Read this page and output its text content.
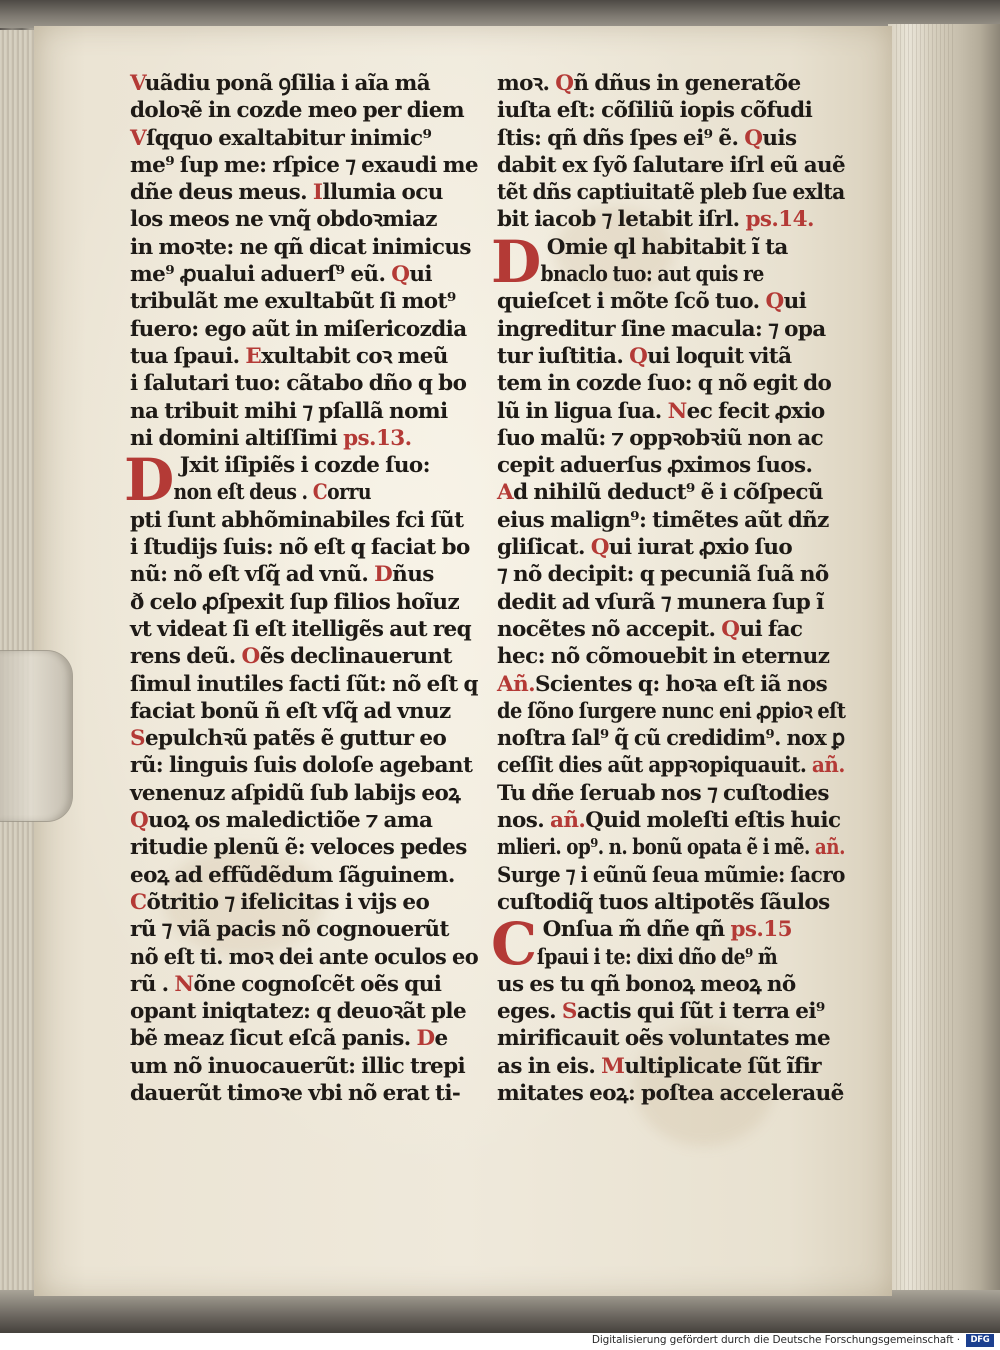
Vuãdiu ponã ꝯſilia i aĩa mã
doloꝛẽ in cozde meo per diem
Vſqquo exaltabitur inimic⁹
me⁹ ſup me: rſpice ⁊ exaudi me
dñe deus meus. Illumia ocu
los meos ne vnq̃ obdoꝛmiaz
in moꝛte: ne qñ dicat inimicus
me⁹ ꝓualui aduerſ⁹ eũ. Qui
tribulãt me exultabũt ſi mot⁹
fuero: ego aũt in miſericozdia
tua ſpaui. Exultabit coꝛ meũ
i ſalutari tuo: cãtabo dño q bo
na tribuit mihi ⁊ pſallã nomi
ni domini altiſſimi ps.13.
D Jxit iſipiẽs i cozde ſuo:
non eſt deus . Corru
pti ſunt abhõminabiles fci ſũt
i ſtudijs ſuis: nõ eſt q faciat bo
nũ: nõ eſt vſq̃ ad vnũ. Dñus
ð celo ꝓſpexit ſup filios hoĩuz
vt videat ſi eſt itelligẽs aut req
rens deũ. Oẽs declinauerunt
ſimul inutiles facti ſũt: nõ eſt q
faciat bonũ ñ eſt vſq̃ ad vnuz
Sepulchꝛũ patẽs ẽ guttur eo
rũ: linguis ſuis doloſe agebant
venenuz aſpidũ ſub labijs eoꝝ
Quoꝝ os maledictiõe ⁊ ama
ritudie plenũ ẽ: veloces pedes
eoꝝ ad effũdẽdum ſãguinem.
Cõtritio ⁊ ifelicitas i vijs eo
rũ ⁊ viã pacis nõ cognouerũt
nõ eſt ti. moꝛ dei ante oculos eo
rũ . Nõne cognoſcẽt oẽs qui
opant iniqtatez: q deuoꝛãt ple
bẽ meaz ſicut eſcã panis. De
um nõ inuocauerũt: illic trepi
dauerũt timoꝛe vbi nõ erat ti-
moꝛ. Qñ dñus in generatõe
iuſta eſt: cõſiliũ iopis cõfudi
ſtis: qñ dñs ſpes ei⁹ ẽ. Quis
dabit ex ſyõ ſalutare iſrl eũ auẽ
tẽt dñs captiuitatẽ pleb ſue exlta
bit iacob ⁊ letabit iſrl. ps.14.
D Omie ql habitabit ĩ ta
bnaclo tuo: aut quis re
quieſcet i mõte ſcõ tuo. Qui
ingreditur ſine macula: ⁊ opa
tur iuſtitia. Qui loquit vitã
tem in cozde ſuo: q nõ egit do
lũ in ligua ſua. Nec fecit ꝓxio
ſuo malũ: ⁊ oppꝛobꝛiũ non ac
cepit aduerſus ꝓximos ſuos.
Ad nihilũ deduct⁹ ẽ i cõſpecũ
eius malign⁹: timẽtes aũt dñz
gliſicat. Qui iurat ꝓxio ſuo
⁊ nõ decipit: q pecuniã ſuã nõ
dedit ad vſurã ⁊ munera ſup ĩ
nocẽtes nõ accepit. Qui fac
hec: nõ cõmouebit in eternuz
Añ.Scientes q: hoꝛa eſt iã nos
de ſõno ſurgere nunc eni ꝓpioꝛ eſt
noſtra ſal⁹ q̃ cũ credidim⁹. nox ꝑ
ceſſit dies aũt appꝛopiquauit. añ.
Tu dñe ſeruab nos ⁊ cuſtodies
nos. añ.Quid moleſti eſtis huic
mlieri. op⁹. n. bonũ opata ẽ i mẽ. añ.
Surge ⁊ i eũnũ ſeua mũmie: ſacro
cuſtodiq̃ tuos altipotẽs ſãulos
C Onſua m̃ dñe qñ ps.15
ſpaui i te: dixi dño de⁹ m̃
us es tu qñ bonoꝝ meoꝝ nõ
eges. Sactis qui ſũt i terra ei⁹
mirificauit oẽs voluntates me
as in eis. Multiplicate ſũt ĩfir
mitates eoꝝ: poſtea accelerauẽ
Digitalisierung gefördert durch die Deutsche Forschungsgemeinschaft ·	DFG
